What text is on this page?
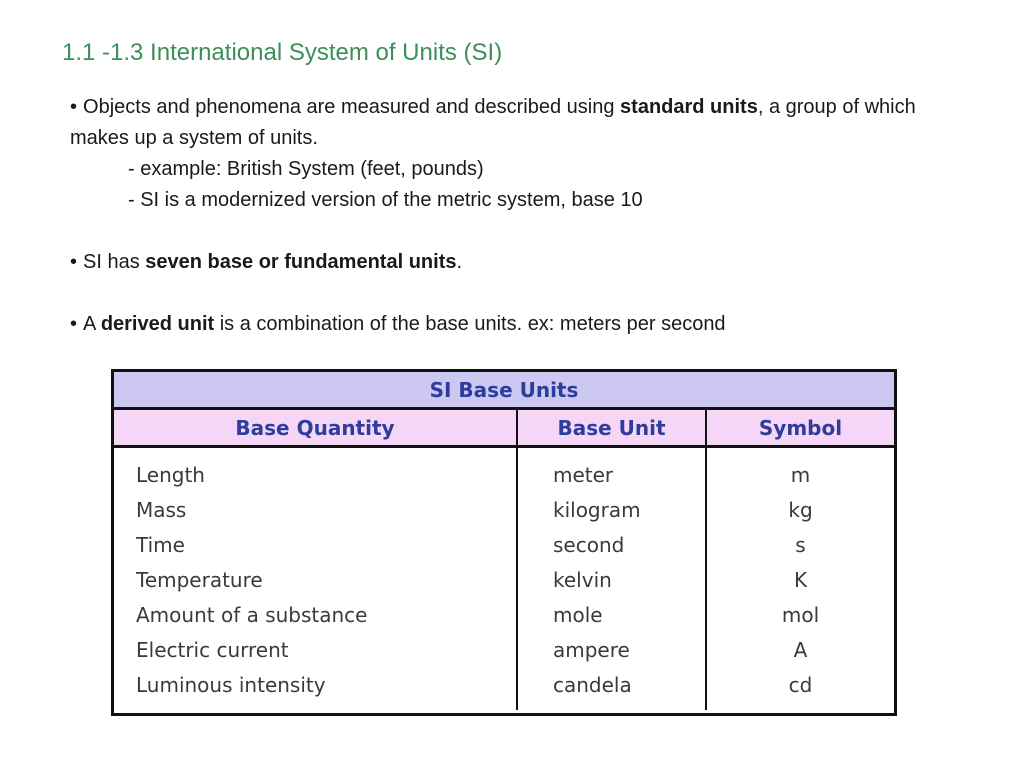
1.1 -1.3 International System of Units (SI)

• Objects and phenomena are measured and described using standard units, a group of which makes up a system of units.

- example: British System (feet, pounds)

- SI is a modernized version of the metric system, base 10

• SI has seven base or fundamental units.

• A derived unit is a combination of the base units. ex: meters per second

SI Base Units
Base Quantity	Base Unit	Symbol
Length
Mass
Time
Temperature
Amount of a substance
Electric current
Luminous intensity
meter
kilogram
second
kelvin
mole
ampere
candela
m
kg
s
K
mol
A
cd
